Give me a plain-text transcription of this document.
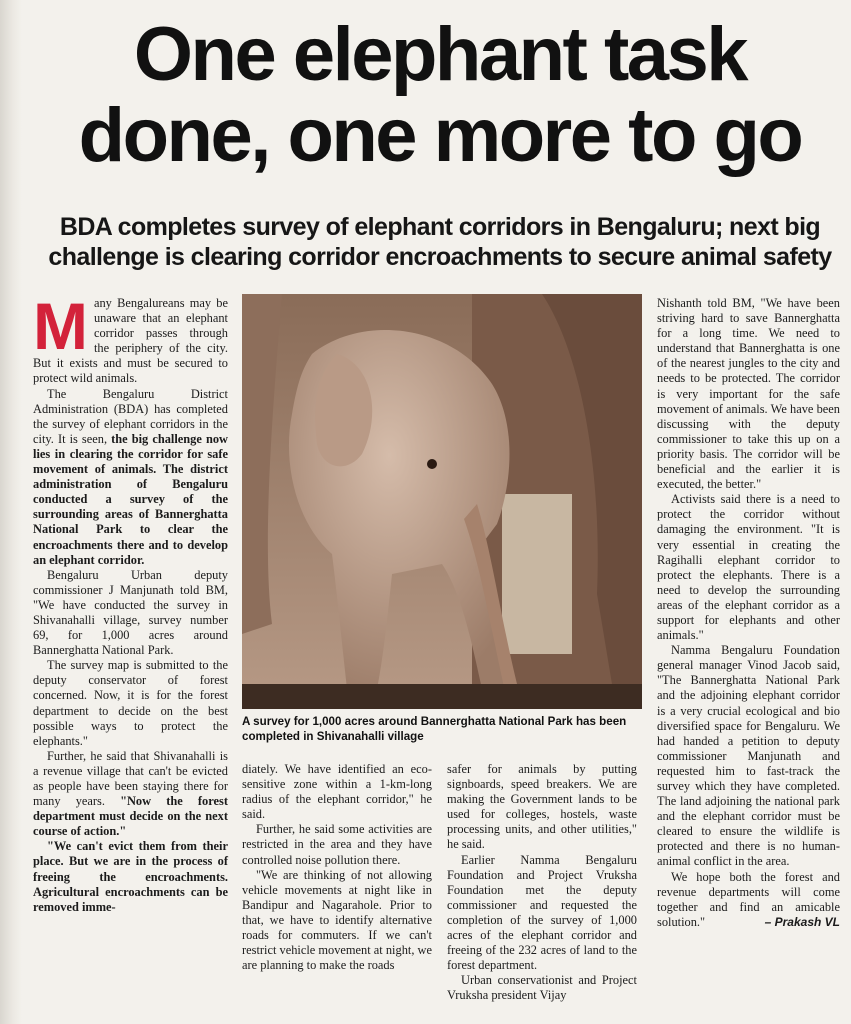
One elephant task done, one more to go
BDA completes survey of elephant corridors in Bengaluru; next big challenge is clearing corridor encroachments to secure animal safety

Many Bengalureans may be unaware that an elephant corridor passes through the periphery of the city. But it exists and must be secured to protect wild animals.

The Bengaluru District Administration (BDA) has completed the survey of elephant corridors in the city. It is seen, the big challenge now lies in clearing the corridor for safe movement of animals. The district administration of Bengaluru conducted a survey of the surrounding areas of Bannerghatta National Park to clear the encroachments there and to develop an elephant corridor.

Bengaluru Urban deputy commissioner J Manjunath told BM, "We have conducted the survey in Shivanahalli village, survey number 69, for 1,000 acres around Bannerghatta National Park.

The survey map is submitted to the deputy conservator of forest concerned. Now, it is for the forest department to decide on the best possible ways to protect the elephants."

Further, he said that Shivanahalli is a revenue village that can't be evicted as people have been staying there for many years. "Now the forest department must decide on the next course of action."

"We can't evict them from their place. But we are in the process of freeing the encroachments. Agricultural encroachments can be removed imme-

A survey for 1,000 acres around Bannerghatta National Park has been completed in Shivanahalli village

diately. We have identified an eco-sensitive zone within a 1-km-long radius of the elephant corridor," he said.

Further, he said some activities are restricted in the area and they have controlled noise pollution there.

"We are thinking of not allowing vehicle movements at night like in Bandipur and Nagarahole. Prior to that, we have to identify alternative roads for commuters. If we can't restrict vehicle movement at night, we are planning to make the roads

safer for animals by putting signboards, speed breakers. We are making the Government lands to be used for colleges, hostels, waste processing units, and other utilities," he said.

Earlier Namma Bengaluru Foundation and Project Vruksha Foundation met the deputy commissioner and requested the completion of the survey of 1,000 acres of the elephant corridor and freeing of the 232 acres of land to the forest department.

Urban conservationist and Project Vruksha president Vijay

Nishanth told BM, "We have been striving hard to save Bannerghatta for a long time. We need to understand that Bannerghatta is one of the nearest jungles to the city and needs to be protected. The corridor is very important for the safe movement of animals. We have been discussing with the deputy commissioner to take this up on a priority basis. The corridor will be beneficial and the earlier it is executed, the better."

Activists said there is a need to protect the corridor without damaging the environment. "It is very essential in creating the Ragihalli elephant corridor to protect the elephants. There is a need to develop the surrounding areas of the elephant corridor as a support for elephants and other animals."

Namma Bengaluru Foundation general manager Vinod Jacob said, "The Bannerghatta National Park and the adjoining elephant corridor is a very crucial ecological and bio diversified space for Bengaluru. We had handed a petition to deputy commissioner Manjunath and requested him to fast-track the survey which they have completed. The land adjoining the national park and the elephant corridor must be cleared to ensure the wildlife is protected and there is no human-animal conflict in the area.

We hope both the forest and revenue departments will come together and find an amicable solution."	– Prakash VL
